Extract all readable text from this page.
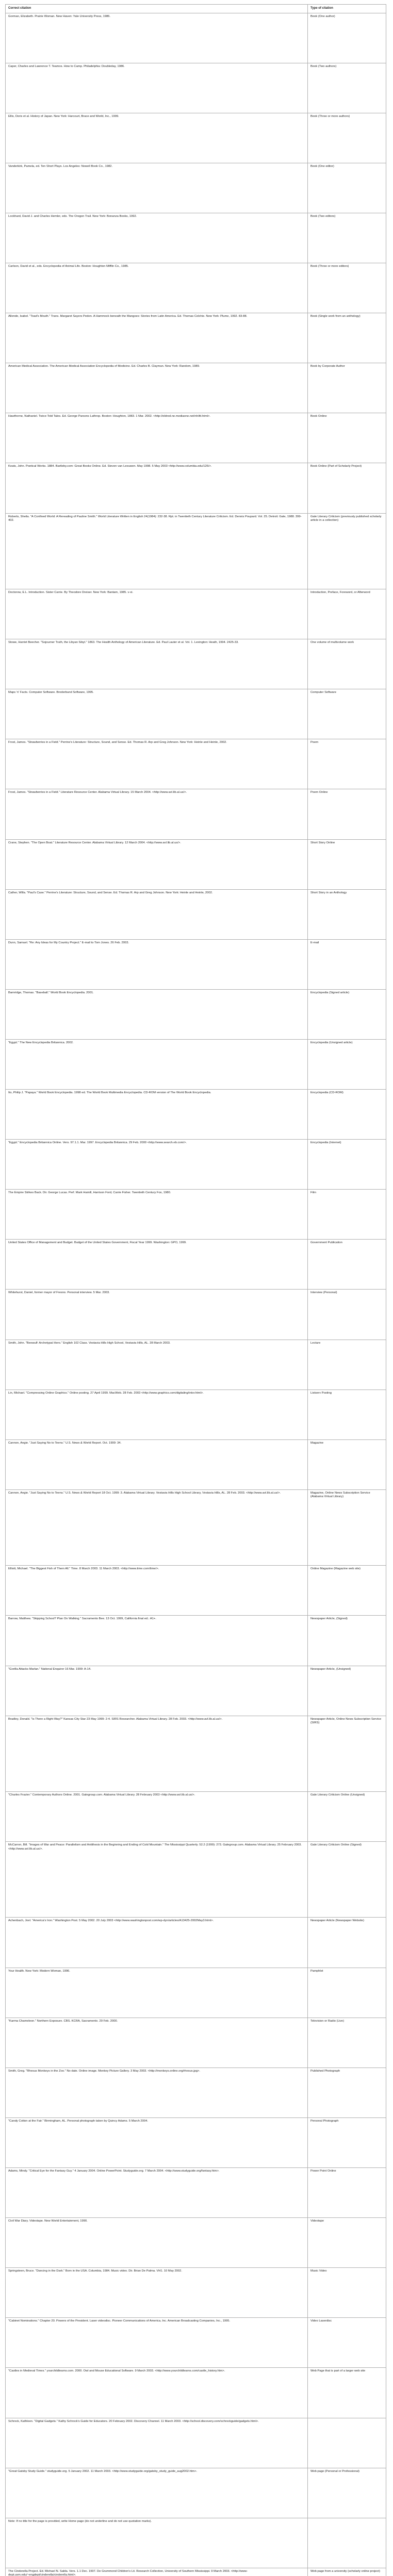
Correct citation	Type of citation
Gorman, Elizabeth. Prairie Woman. New Haven: Yale University Press, 1986.	Book (One author)
Caper, Charles and Lawrence T. Teamos. How to Camp. Philadelphia: Doubleday, 1986.	Book (Two authors)
Ellis, Doris et al. History of Japan. New York: Harcourt, Brace and World, Inc., 1999.	Book (Three or more authors)
Vanderkirk, Pamela, ed. Ten Short Plays. Los Angeles: Nowell Book Co., 1982.	Book (One editor)
Lockhard, David J. and Charles Hemler, eds. The Oregon Trail. New York: Bonanza Books, 1992.	Book (Two editors)
Carlson, David et al., eds. Encyclopedia of Animal Life. Boston: Houghton Mifflin Co., 1985.	Book (Three or more editors)
Allende, Isabel. "Toad's Mouth." Trans. Margaret Sayers Peden. A Hammock beneath the Mangoes: Stories from Latin America. Ed. Thomas Colchie. New York: Plume, 1992. 83-88.	Book (Single work from an anthology)
American Medical Association. The American Medical Association Encyclopedia of Medicine. Ed. Charles B. Clayman. New York: Random, 1989.	Book by Corporate Author
Hawthorne, Nathaniel. Twice-Told Tales. Ed. George Parsons Lathrop. Boston: Houghton, 1883. 1 Mar. 2002. <http://eldred.ne.mediaone.net/nh/ttt.html>.	Book Online
Keats, John. Poetical Works. 1884. Bartleby.com: Great Books Online. Ed. Steven van Leeuwen. May 1998. 5 May 2003 <http://www.columbia.edu/126/>.	Book Online (Part of Scholarly Project)
Roberts, Sheila. "A Confined World: A Rereading of Pauline Smith." World Literature Written in English 24(1984): 232-38. Rpt. in Twentieth Century Literature Criticism. Ed. Dennis Poupard. Vol. 25. Detroit: Gale, 1988. 399-402.	Gale Literary Criticism (previously published scholarly article in a collection)
Doctorow, E.L. Introduction. Sister Carrie. By Theodore Dreiser. New York: Bantam, 1985. v-xi.	Introduction, Preface, Foreword, or Afterword
Stowe, Harriet Beecher. "Sojourner Truth, the Libyan Sibyl." 1863. The Health Anthology of American Literature. Ed. Paul Lauter et al. Vol. 1. Lexington: Heath, 1994. 2425-33.	One volume of multivolume work
Maps 'n' Facts. Computer Software. Broderbund Software, 1995.	Computer Software
Frost, James. "Strawberries in a Field." Perrine's Literature: Structure, Sound, and Sense. Ed. Thomas R. Arp and Greg Johnson. New York: Heinle and Heinle, 2002.	Poem
Frost, James. "Strawberries in a Field." Literature Resource Center. Alabama Virtual Library. 15 March 2004. <http://www.avl.lib.al.us/>.	Poem Online
Crane, Stephen. "The Open Boat." Literature Resource Center. Alabama Virtual Library. 12 March 2004. <http://www.avl.lib.al.us/>.	Short Story Online
Cather, Willa. "Paul's Case." Perrine's Literature: Structure, Sound, and Sense. Ed. Thomas R. Arp and Greg Johnson. New York: Heinle and Heinle, 2002.	Short Story in an Anthology
Dunn, Samuel. "Re: Any Ideas for My Country Project." E-mail to Tom Jones. 26 Feb. 2003.	E-mail
Barnridge, Thomas. "Baseball." World Book Encyclopedia. 2001.	Encyclopedia (Signed article)
"Egypt." The New Encyclopedia Britannica. 2002.	Encyclopedia (Unsigned article)
Ito, Philip J. "Papaya." World Book Encyclopedia. 1998 ed. The World Book Multimedia Encyclopedia. CD-ROM version of The World Book Encyclopedia.	Encyclopedia (CD-ROM)
"Egypt." Encyclopedia Britannica Online. Vers. 97.1.1. Mar. 1997. Encyclopedia Britannica. 29 Feb. 2000 <http://www.search.eb.com/>.	Encyclopedia (Internet)
The Empire Strikes Back. Dir. George Lucas. Perf. Mark Hamill, Harrison Ford, Carrie Fisher. Twentieth Century Fox, 1980.	Film
United States Office of Management and Budget. Budget of the United States Government, Fiscal Year 1999. Washington: GPO, 1999.	Government Publication
Whitehurst, Daniel, former mayor of Fresno. Personal interview. 5 Mar. 2003.	Interview (Personal)
Smith, John. "Beowulf: Archetypal Hero." English 102 Class. Vestavia Hills High School, Vestavia Hills, AL. 28 March 2003.	Lecture
Lin, Michael. "Compressing Online Graphics." Online posting. 27 April 1999. MacWeb. 28 Feb. 2003 <http://www.graphics.com/digitaling/intor.html>.	Listserv Posting
Cannon, Angie. "Just Saying No to Teens." U.S. News & World Report. Oct. 1999: 34.	Magazine
Cannon, Angie. "Just Saying No to Teens." U.S. News & World Report 18 Oct. 1999: 3. Alabama Virtual Library. Vestavia Hills High School Library, Vestavia Hills, AL. 28 Feb. 2003. <http://www.avl.lib.al.us/>.	Magazine, Online News Subscription Service (Alabama Virtual Library)
Elliott, Michael. "The Biggest Fish of Them All." Time. 8 March 2003. 11 March 2003. <http://www.time.com/time/>.	Online Magazine (Magazine web site)
Barrow, Matthew. "Skipping School? Plan On Walking." Sacramento Bee. 13 Oct. 1999, California final ed.: A1+.	Newspaper Article, (Signed)
"Gorilla Attacks Marlan." National Enquirer 16 Mar. 1999: A-14.	Newspaper Article, (Unsigned)
Bradley, Donald. "Is There a Right Way?" Kansas City Star 23 May 1999: 2-4. SIRS Researcher. Alabama Virtual Library. 28 Feb. 2003. <http://www.avl.lib.al.us/>.	Newspaper Article, Online News Subscription Service (SIRS)
"Charles Frazier." Contemporary Authors Online. 2001. Galegroup.com. Alabama Virtual Library. 28 February 2003 <http://www.avl.lib.al.us/>.	Gale Literary Criticism Online (Unsigned)
McCarron, Bill. "Images of War and Peace: Parallelism and Antithesis in the Beginning and Ending of Cold Mountain." The Mississippi Quarterly. 52.2 (1999): 273. Galegroup.com. Alabama Virtual Library. 25 February 2003. <http://www.avl.lib.al.us/>.	Gale Literary Criticism Online (Signed)
Achenbach, Joel. "America's Iron." Washington Post. 5 May 2002. 20 July 2003 <http://www.washingtonpost.com/wp-dyn/articles/A13425-2002May3.html>.	Newspaper Article (Newspaper Website)
Your Health. New York: Modern Woman, 1996.	Pamphlet
"Karma Chameleon." Northern Exposure. CBS. KCRA, Sacramento. 29 Feb. 2000.	Television or Radio (Live)
Smith, Greg. "Rhesus Monkeys in the Zoo." No date. Online image. Monkey Picture Gallery. 3 May 2003. <http://monkeys.online.org/rhesus.jpg>.	Published Photograph
"Candy Cotton at the Fair." Birmingham, AL. Personal photograph taken by Quincy Adams. 5 March 2004.	Personal Photograph
Adams, Mindy. "Critical Eye for the Fantasy Guy." 4 January 2004. Online PowerPoint. Studyguide.org. 7 March 2004. <http://www.studyguide.org/fantasy.htm>.	Power Point Online
Civil War Diary. Videotape. New World Entertainment, 1990.	Videotape
Springsteen, Bruce. "Dancing in the Dark." Born in the USA. Columbia, 1984. Music video. Dir. Brian De Palma. VH1. 10 May 2002.	Music Video
"Cabinet Nominations." Chapter 20. Powers of the President. Laser videodisc. Pioneer Communications of America, Inc. American Broadcasting Companies, Inc., 1995.	Video Laserdisc
"Castles in Medieval Times." yourchildlearns.com. 2000. Owl and Mouse Educational Software. 9 March 2003. <http://www.yourchildlearns.com/castle_history.htm>.	Web Page that is part of a larger web site
Schrock, Kathleen. "Digital Gadgets." Kathy Schrock's Guide for Educators. 20 February 2002. Discovery Channel. 11 March 2003. <http://school.discovery.com/schrockguide/gadgets.html>.	
"Great Gatsby Study Guide." studyguide.org. 5 January 2002. 11 March 2003. <http://www.studyguide.org/gatsby_study_guide_aug2002.htm>.	Web page (Personal or Professional)
Note: If no title for the page is provided, write Home page (do not underline and do not use quotation marks).	
The Cinderella Project. Ed. Michael N. Salda. Vers. 1.1 Dec. 1997. De Grummond Children's Lit. Research Collection, University of Southern Mississippi. 9 March 2003. <http://www-dept.usm.edu/~engdept/cinderella/cinderella.html>.	Web page from a university (scholarly online project)
